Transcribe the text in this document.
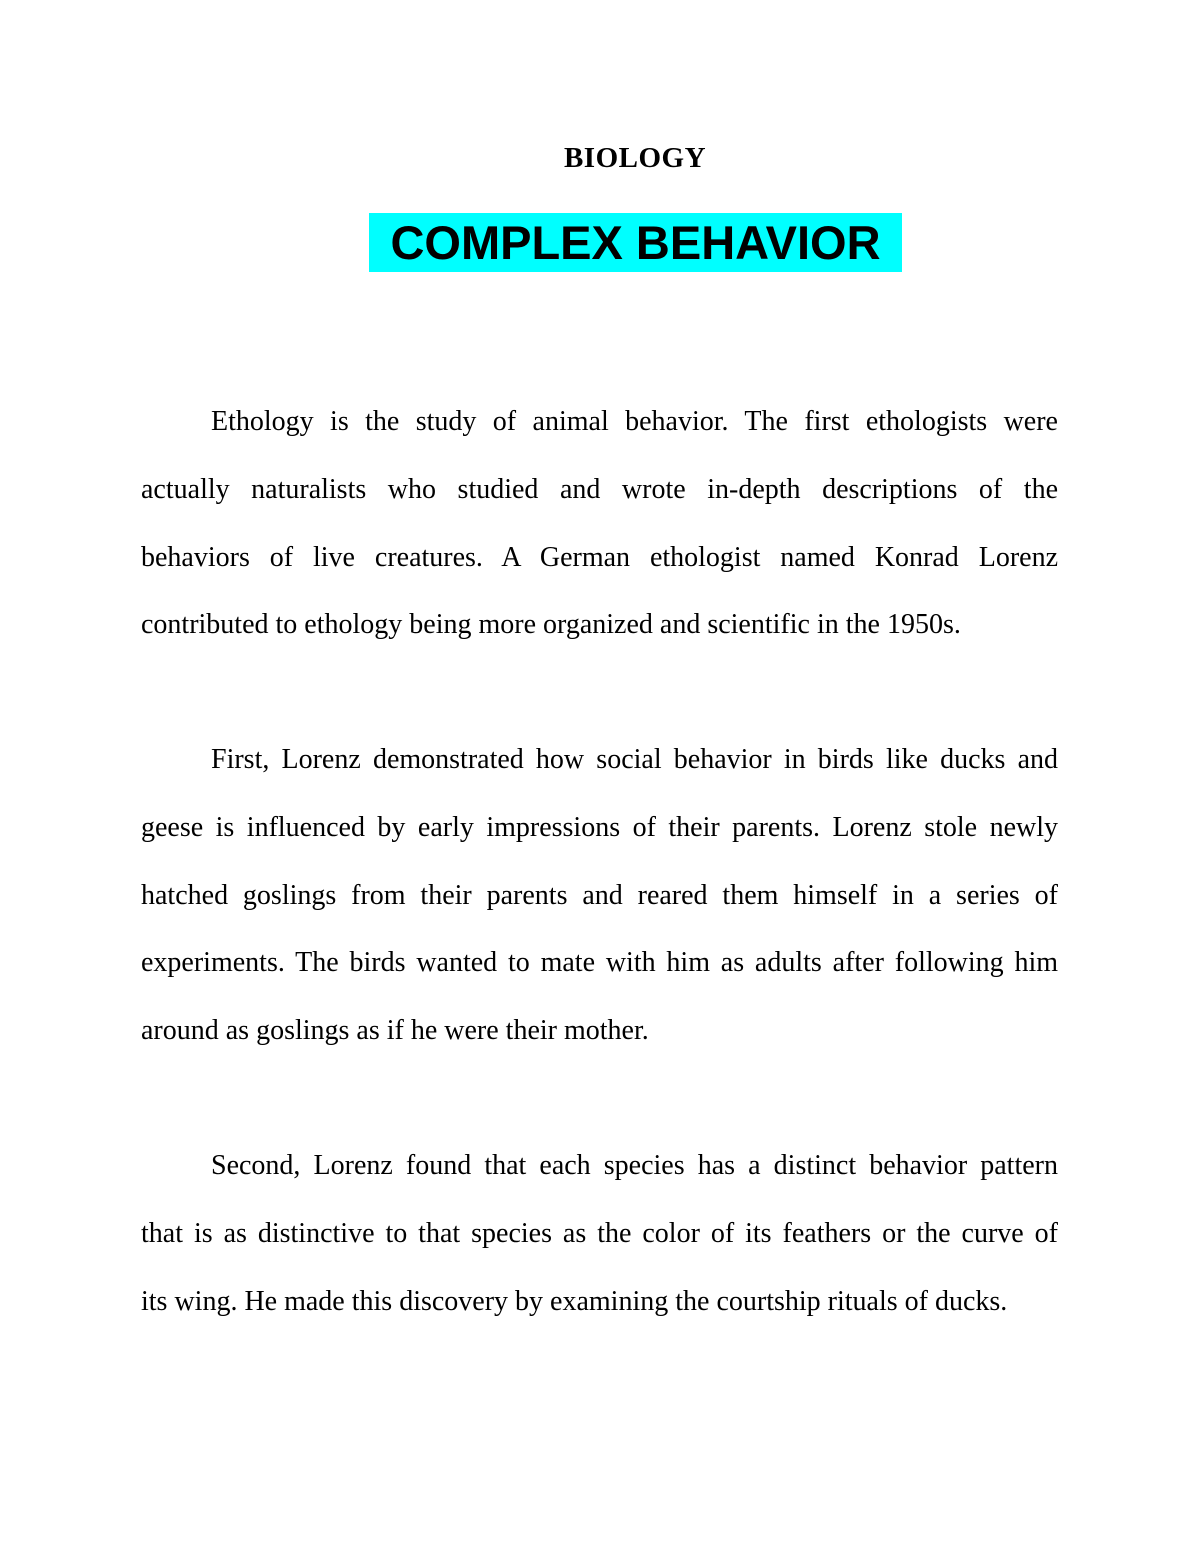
BIOLOGY
COMPLEX BEHAVIOR
Ethology is the study of animal behavior. The first ethologists were
actually naturalists who studied and wrote in-depth descriptions of the
behaviors of live creatures. A German ethologist named Konrad Lorenz
contributed to ethology being more organized and scientific in the 1950s.
First, Lorenz demonstrated how social behavior in birds like ducks and
geese is influenced by early impressions of their parents. Lorenz stole newly
hatched goslings from their parents and reared them himself in a series of
experiments. The birds wanted to mate with him as adults after following him
around as goslings as if he were their mother.
Second, Lorenz found that each species has a distinct behavior pattern
that is as distinctive to that species as the color of its feathers or the curve of
its wing. He made this discovery by examining the courtship rituals of ducks.
